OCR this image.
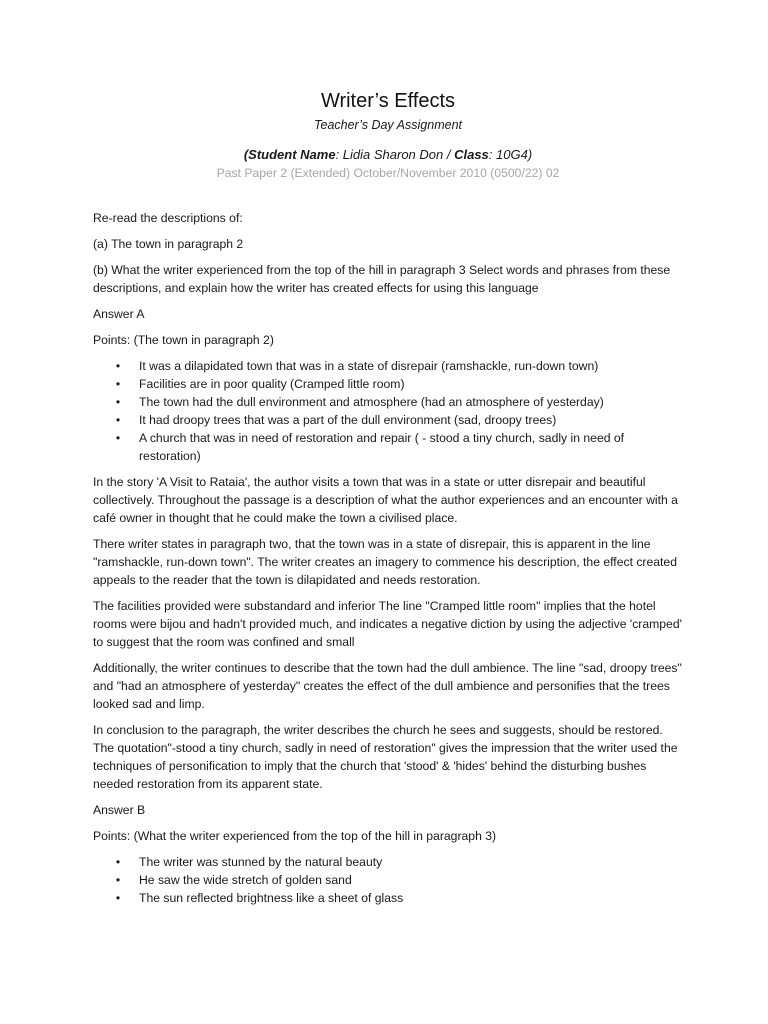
Writer’s Effects

Teacher’s Day Assignment

(Student Name: Lidia Sharon Don / Class: 10G4)

Past Paper 2 (Extended) October/November 2010 (0500/22) 02

Re-read the descriptions of:

(a) The town in paragraph 2

(b) What the writer experienced from the top of the hill in paragraph 3 Select words and phrases from these descriptions, and explain how the writer has created effects for using this language

Answer A

Points: (The town in paragraph 2)

• It was a dilapidated town that was in a state of disrepair (ramshackle, run-down town)
• Facilities are in poor quality (Cramped little room)
• The town had the dull environment and atmosphere (had an atmosphere of yesterday)
• It had droopy trees that was a part of the dull environment (sad, droopy trees)
• A church that was in need of restoration and repair ( - stood a tiny church, sadly in need of restoration)

In the story 'A Visit to Rataia', the author visits a town that was in a state or utter disrepair and beautiful collectively. Throughout the passage is a description of what the author experiences and an encounter with a café owner in thought that he could make the town a civilised place.

There writer states in paragraph two, that the town was in a state of disrepair, this is apparent in the line "ramshackle, run-down town". The writer creates an imagery to commence his description, the effect created appeals to the reader that the town is dilapidated and needs restoration.

The facilities provided were substandard and inferior The line "Cramped little room" implies that the hotel rooms were bijou and hadn't provided much, and indicates a negative diction by using the adjective 'cramped' to suggest that the room was confined and small

Additionally, the writer continues to describe that the town had the dull ambience. The line "sad, droopy trees" and "had an atmosphere of yesterday" creates the effect of the dull ambience and personifies that the trees looked sad and limp.

In conclusion to the paragraph, the writer describes the church he sees and suggests, should be restored. The quotation"-stood a tiny church, sadly in need of restoration" gives the impression that the writer used the techniques of personification to imply that the church that 'stood' & 'hides' behind the disturbing bushes needed restoration from its apparent state.

Answer B

Points: (What the writer experienced from the top of the hill in paragraph 3)

• The writer was stunned by the natural beauty
• He saw the wide stretch of golden sand
• The sun reflected brightness like a sheet of glass
